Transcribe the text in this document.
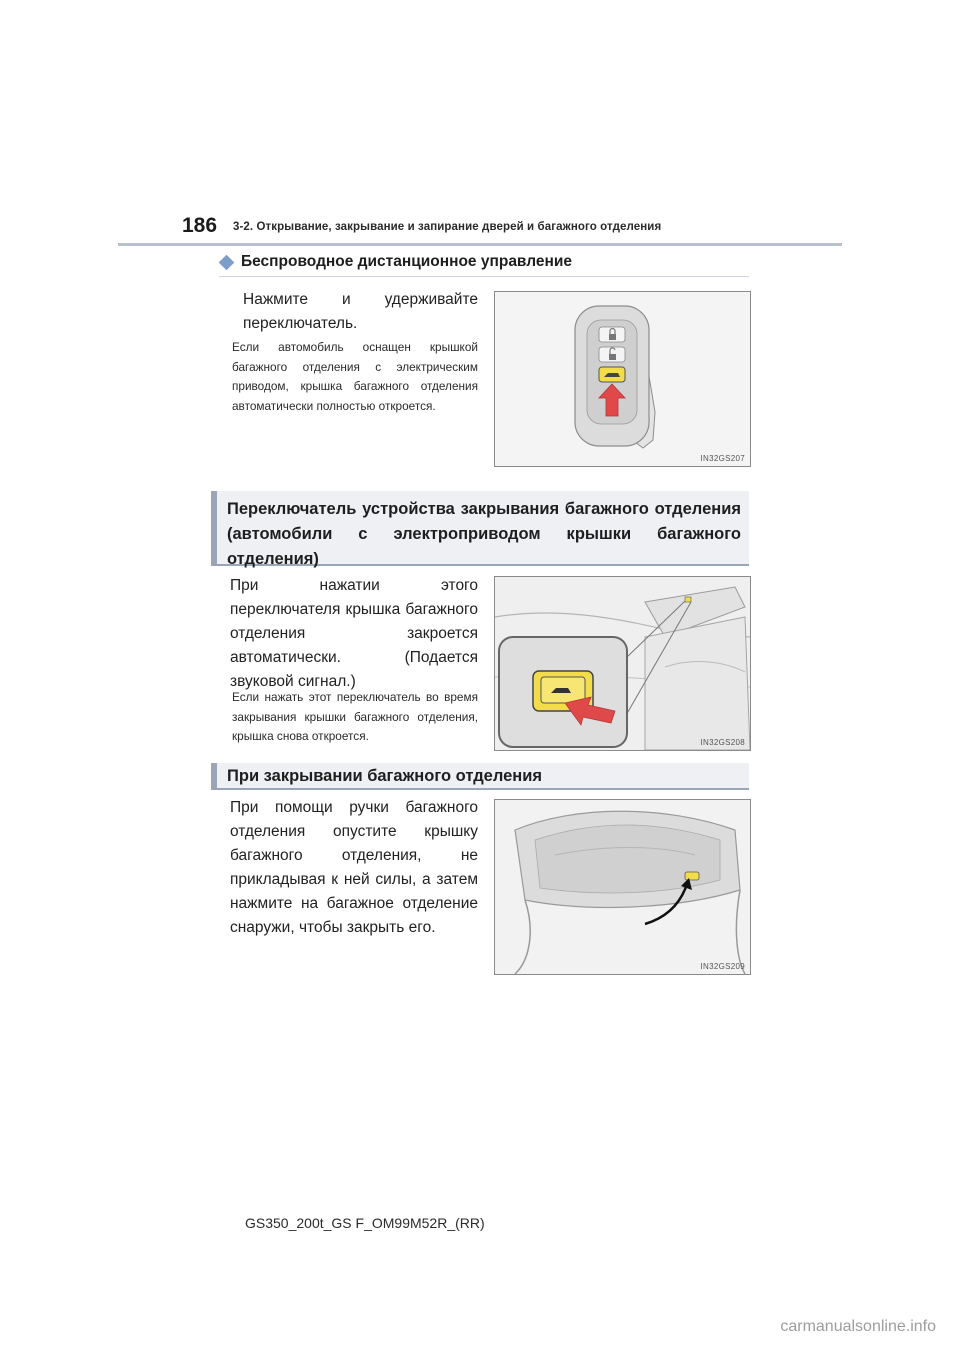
186 3-2. Открывание, закрывание и запирание дверей и багажного отделения
Беспроводное дистанционное управление
Нажмите и удерживайте переключатель.
Если автомобиль оснащен крышкой багажного отделения с электрическим приводом, крышка багажного отделения автоматически полностью откроется.
IN32GS207
Переключатель устройства закрывания багажного отделения (автомобили с электроприводом крышки багажного отделения)
При нажатии этого переключателя крышка багажного отделения закроется автоматически. (Подается звуковой сигнал.)
Если нажать этот переключатель во время закрывания крышки багажного отделения, крышка снова откроется.	IN32GS208
При закрывании багажного отделения
При помощи ручки багажного отделения опустите крышку багажного отделения, не прикладывая к ней силы, а затем нажмите на багажное отделение снаружи, чтобы закрыть его.
IN32GS209
GS350_200t_GS F_OM99M52R_(RR)
carmanualsonline.info
